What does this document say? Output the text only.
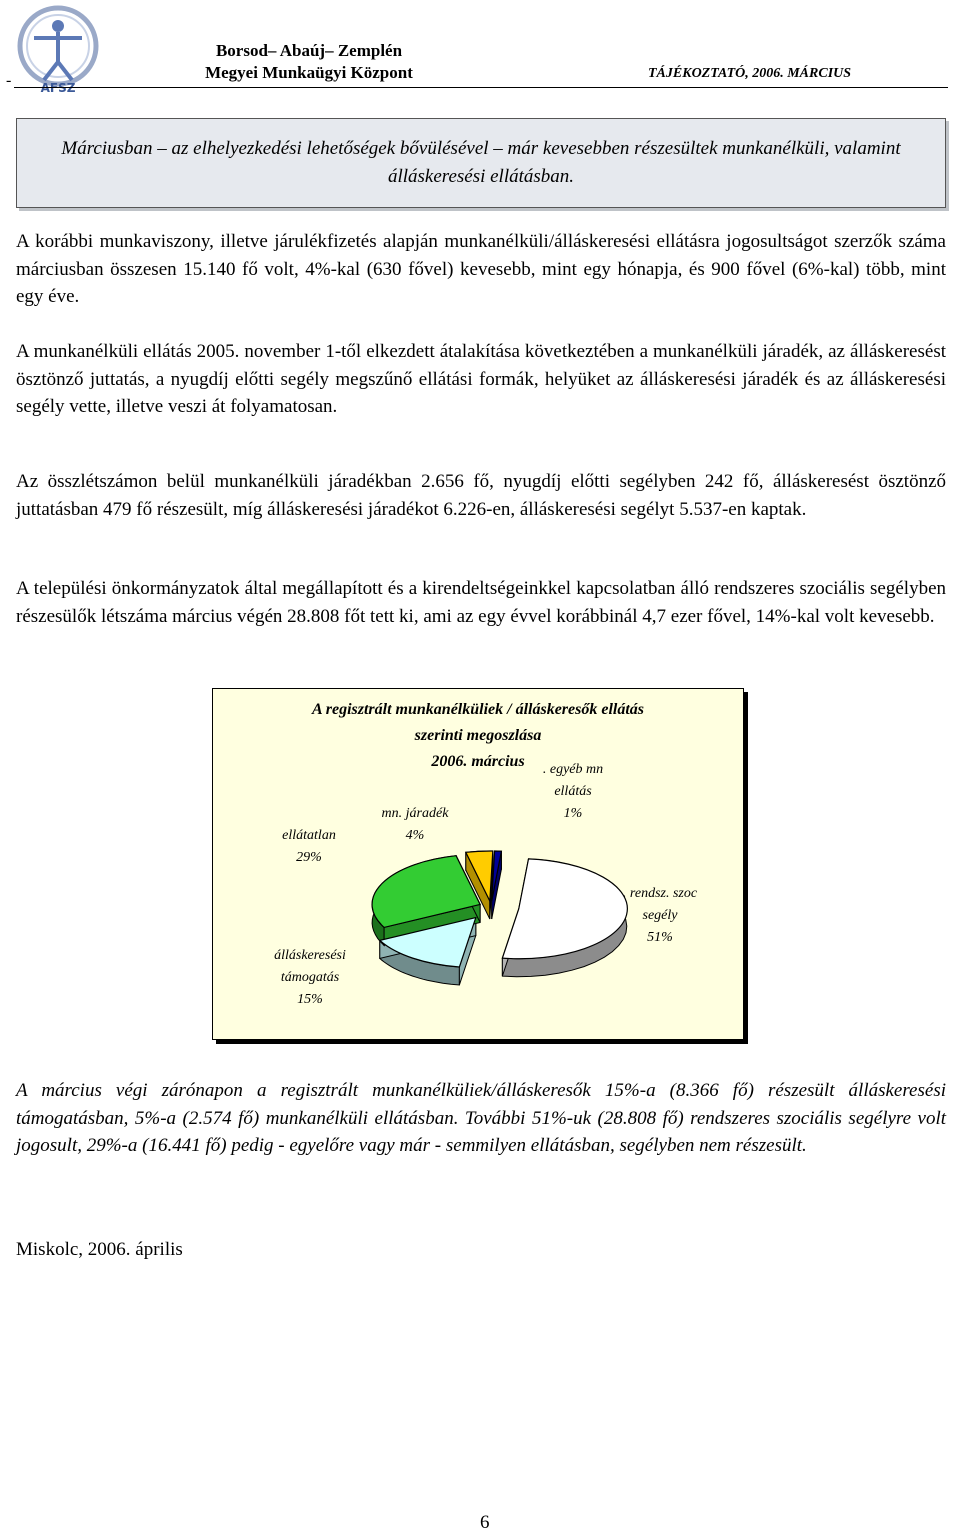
AFSZ
-
Borsod– Abaúj– Zemplén
Megyei Munkaügyi Központ	TÁJÉKOZTATÓ, 2006. MÁRCIUS
Márciusban – az elhelyezkedési lehetőségek bővülésével – már kevesebben részesültek munkanélküli, valamint álláskeresési ellátásban.

A korábbi munkaviszony, illetve járulékfizetés alapján munkanélküli/álláskeresési ellátásra jogosultságot szerzők száma márciusban összesen 15.140 fő volt, 4%-kal (630 fővel) kevesebb, mint egy hónapja, és 900 fővel (6%-kal) több, mint egy éve.

A munkanélküli ellátás 2005. november 1-től elkezdett átalakítása következtében a munkanélküli járadék, az álláskeresést ösztönző juttatás, a nyugdíj előtti segély megszűnő ellátási formák, helyüket az álláskeresési járadék és az álláskeresési segély vette, illetve veszi át folyamatosan.

Az összlétszámon belül munkanélküli járadékban 2.656 fő, nyugdíj előtti segélyben 242 fő, álláskeresést ösztönző juttatásban 479 fő részesült, míg álláskeresési járadékot 6.226-en, álláskeresési segélyt 5.537-en kaptak.

A települési önkormányzatok által megállapított és a kirendeltségeinkkel kapcsolatban álló rendszeres szociális segélyben részesülők létszáma március végén 28.808 főt tett ki, ami az egy évvel korábbinál 4,7 ezer fővel, 14%-kal volt kevesebb.

A regisztrált munkanélküliek / álláskeresők ellátás
szerinti megoszlása
2006. március
. rendsz. szoc
segély
51%
álláskeresési
támogatás
15%
ellátatlan
29%
mn. járadék
4%
. egyéb mn
ellátás
1%

A március végi zárónapon a regisztrált munkanélküliek/álláskeresők 15%-a (8.366 fő) részesült álláskeresési támogatásban, 5%-a (2.574 fő) munkanélküli ellátásban. További 51%-uk (28.808 fő) rendszeres szociális segélyre volt jogosult, 29%-a (16.441 fő) pedig - egyelőre vagy már - semmilyen ellátásban, segélyben nem részesült.

Miskolc, 2006. április

6
